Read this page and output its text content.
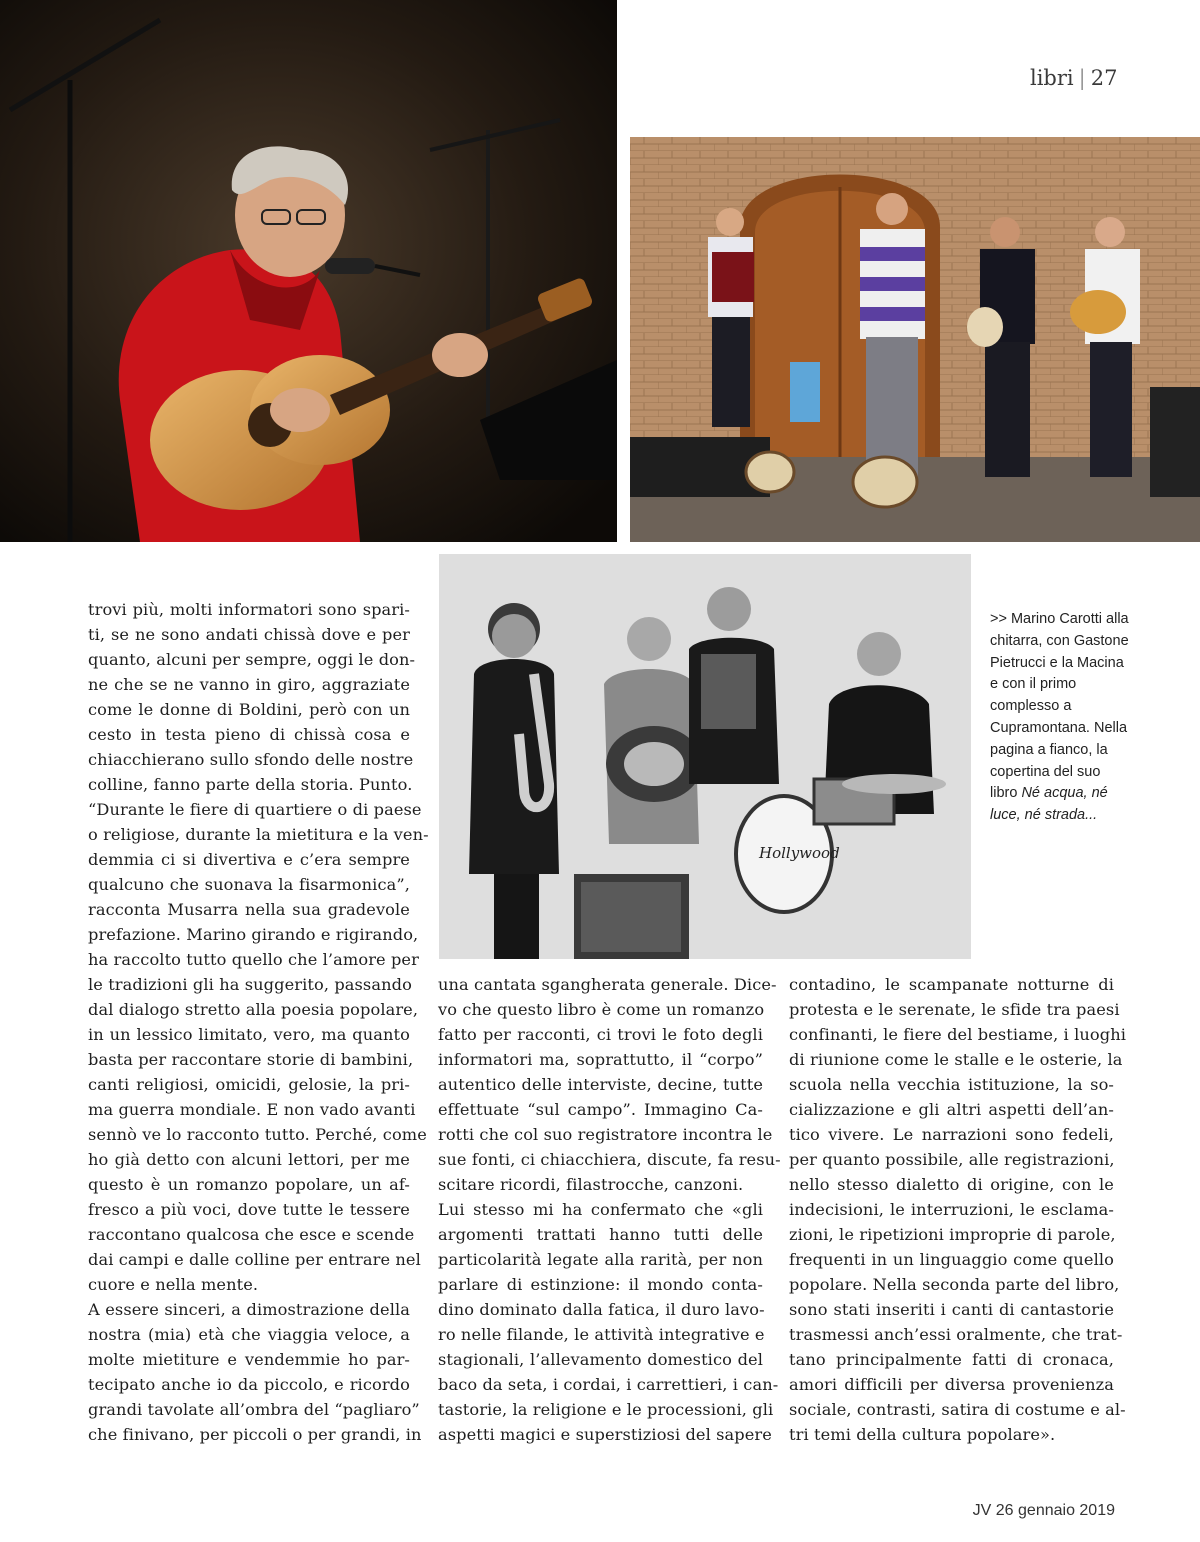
libri | 27
Hollywood

>> Marino Carotti alla chitarra, con Gastone Pietrucci e la Macina e con il primo complesso a Cupramontana. Nella pagina a fianco, la copertina del suo libro Né acqua, né luce, né strada...

trovi più, molti informatori sono spari-
ti, se ne sono andati chissà dove e per
quanto, alcuni per sempre, oggi le don-
ne che se ne vanno in giro, aggraziate
come le donne di Boldini, però con un
cesto in testa pieno di chissà cosa e
chiacchierano sullo sfondo delle nostre
colline, fanno parte della storia. Punto.
“Durante le fiere di quartiere o di paese
o religiose, durante la mietitura e la ven-
demmia ci si divertiva e c’era sempre
qualcuno che suonava la fisarmonica”,
racconta Musarra nella sua gradevole
prefazione. Marino girando e rigirando,
ha raccolto tutto quello che l’amore per
le tradizioni gli ha suggerito, passando
dal dialogo stretto alla poesia popolare,
in un lessico limitato, vero, ma quanto
basta per raccontare storie di bambini,
canti religiosi, omicidi, gelosie, la pri-
ma guerra mondiale. E non vado avanti
sennò ve lo racconto tutto. Perché, come
ho già detto con alcuni lettori, per me
questo è un romanzo popolare, un af-
fresco a più voci, dove tutte le tessere
raccontano qualcosa che esce e scende
dai campi e dalle colline per entrare nel
cuore e nella mente.
A essere sinceri, a dimostrazione della
nostra (mia) età che viaggia veloce, a
molte mietiture e vendemmie ho par-
tecipato anche io da piccolo, e ricordo
grandi tavolate all’ombra del “pagliaro”
che finivano, per piccoli o per grandi, in
una cantata sgangherata generale. Dice-
vo che questo libro è come un romanzo
fatto per racconti, ci trovi le foto degli
informatori ma, soprattutto, il “corpo”
autentico delle interviste, decine, tutte
effettuate “sul campo”. Immagino Ca-
rotti che col suo registratore incontra le
sue fonti, ci chiacchiera, discute, fa resu-
scitare ricordi, filastrocche, canzoni.
Lui stesso mi ha confermato che «gli
argomenti trattati hanno tutti delle
particolarità legate alla rarità, per non
parlare di estinzione: il mondo conta-
dino dominato dalla fatica, il duro lavo-
ro nelle filande, le attività integrative e
stagionali, l’allevamento domestico del
baco da seta, i cordai, i carrettieri, i can-
tastorie, la religione e le processioni, gli
aspetti magici e superstiziosi del sapere
contadino, le scampanate notturne di
protesta e le serenate, le sfide tra paesi
confinanti, le fiere del bestiame, i luoghi
di riunione come le stalle e le osterie, la
scuola nella vecchia istituzione, la so-
cializzazione e gli altri aspetti dell’an-
tico vivere. Le narrazioni sono fedeli,
per quanto possibile, alle registrazioni,
nello stesso dialetto di origine, con le
indecisioni, le interruzioni, le esclama-
zioni, le ripetizioni improprie di parole,
frequenti in un linguaggio come quello
popolare. Nella seconda parte del libro,
sono stati inseriti i canti di cantastorie
trasmessi anch’essi oralmente, che trat-
tano principalmente fatti di cronaca,
amori difficili per diversa provenienza
sociale, contrasti, satira di costume e al-
tri temi della cultura popolare».
JV 26 gennaio 2019
